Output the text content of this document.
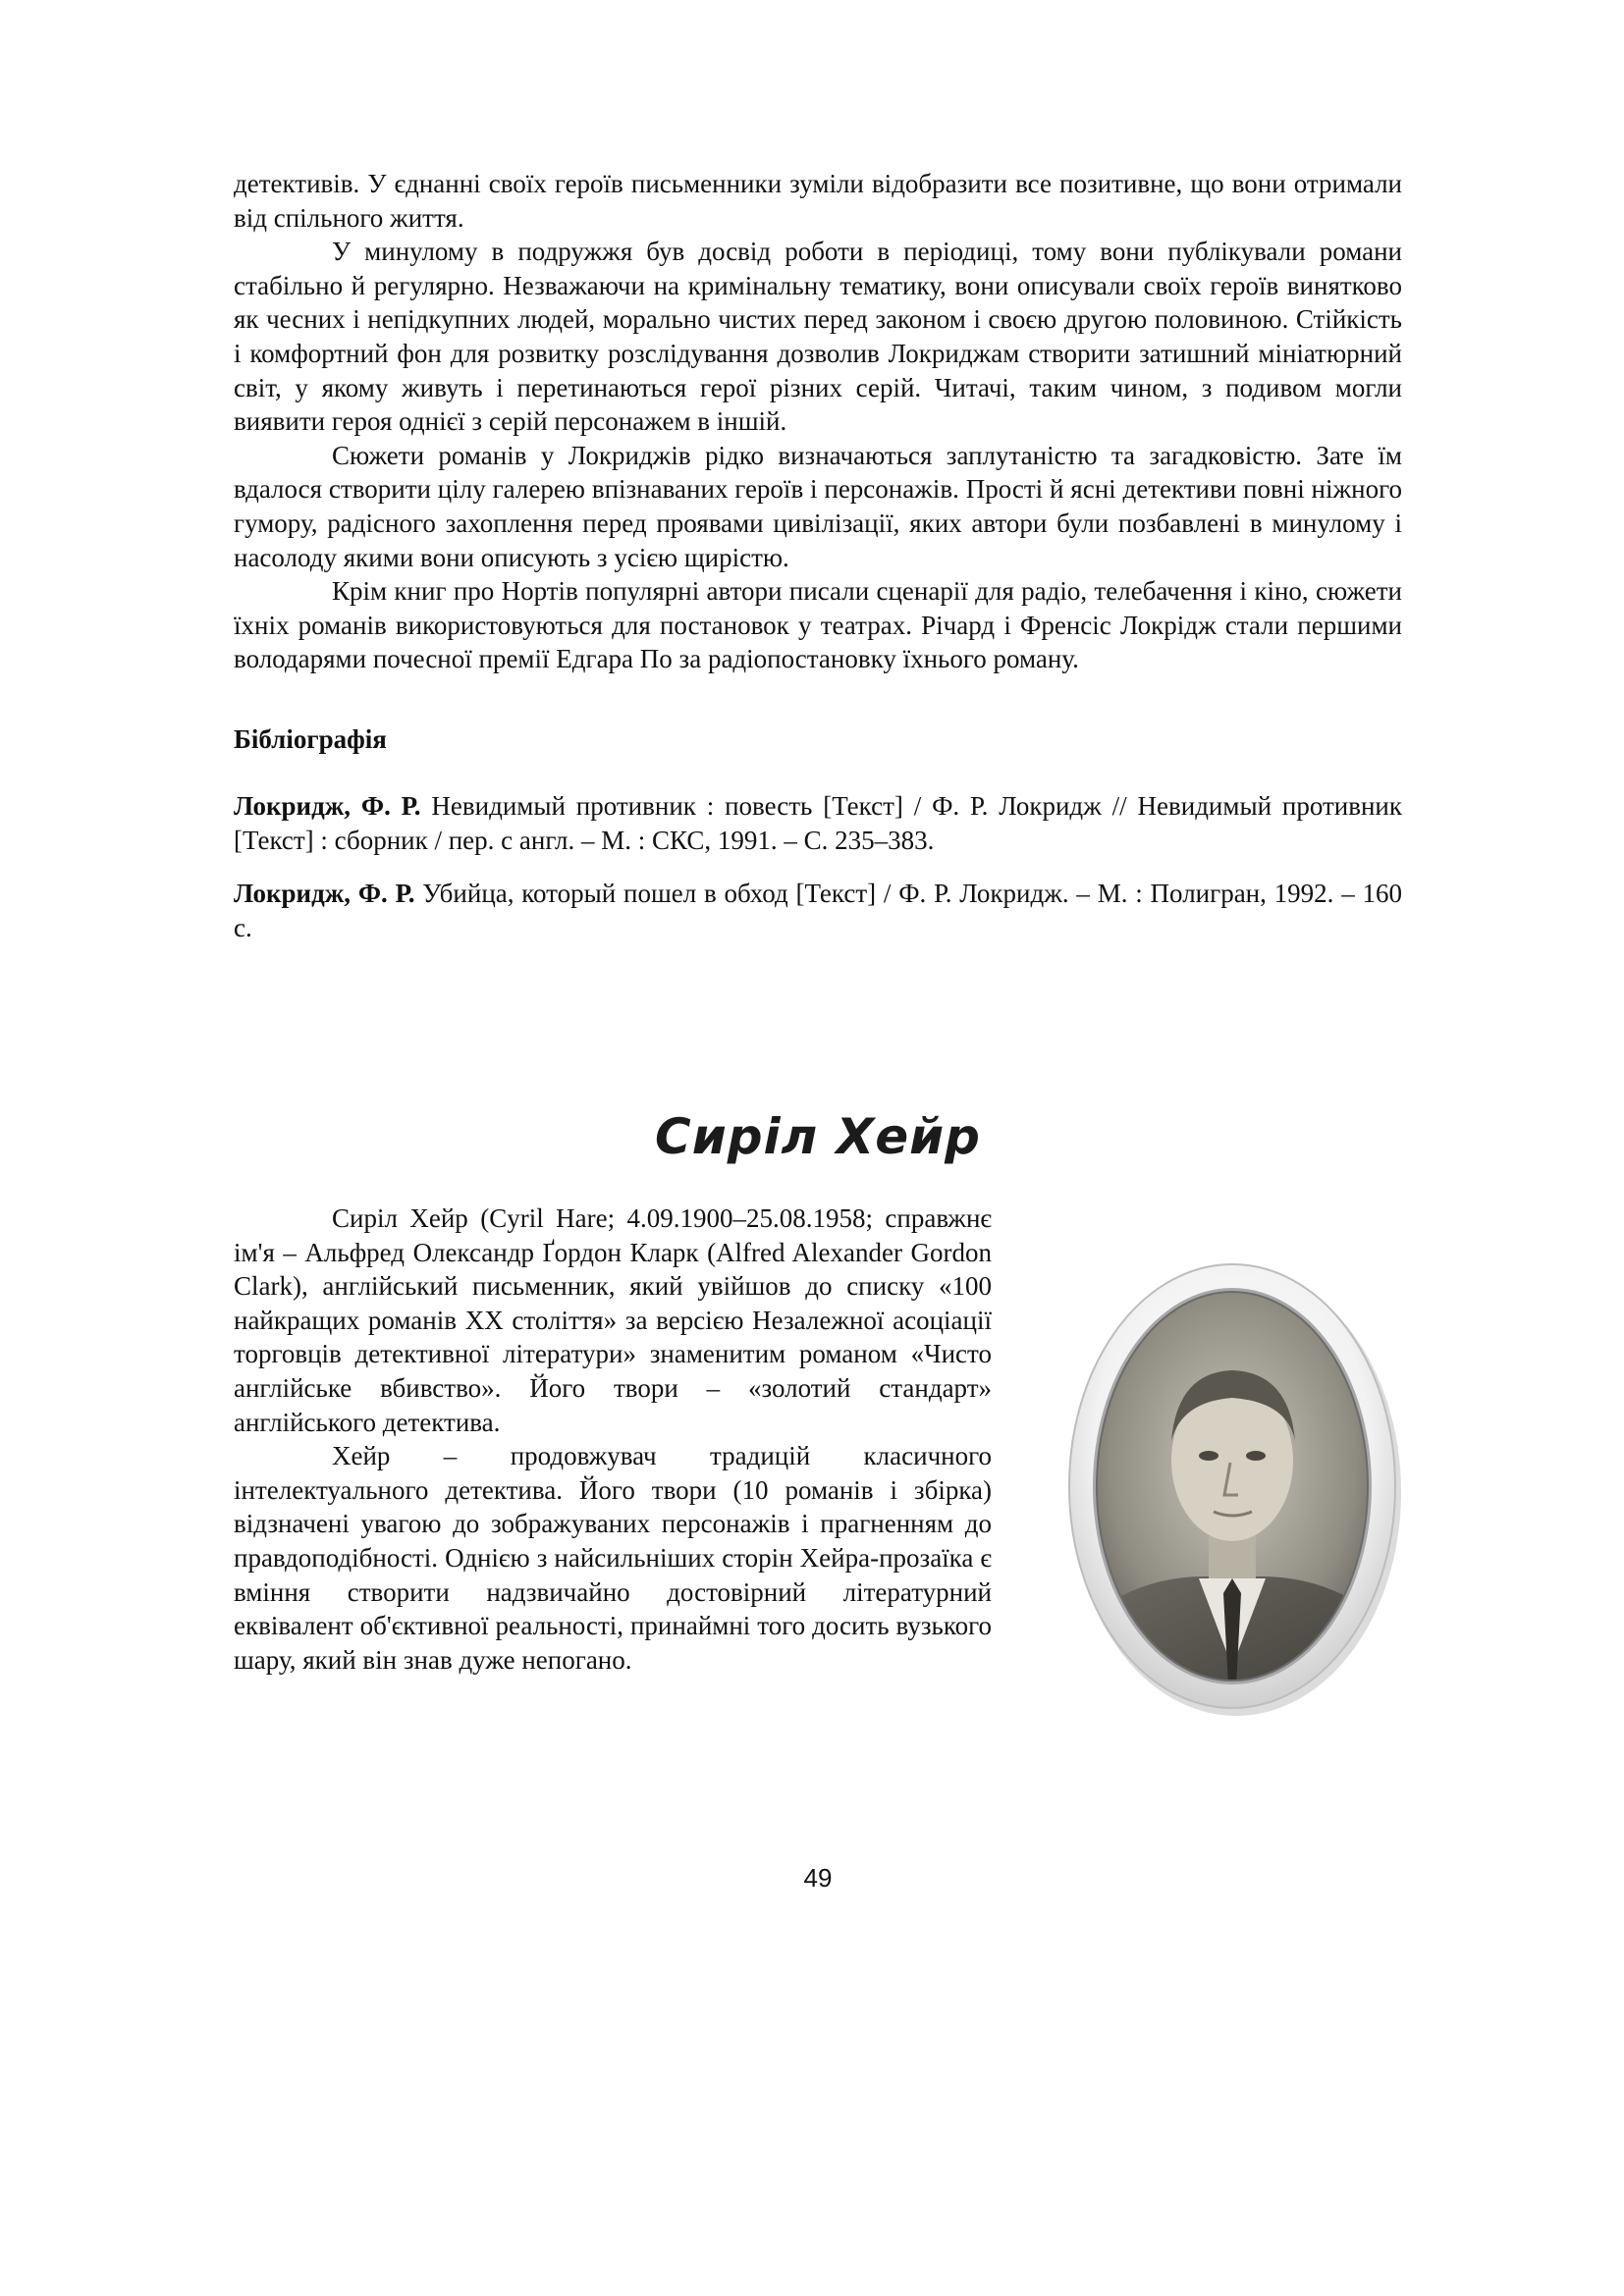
детективів. У єднанні своїх героїв письменники зуміли відобразити все позитивне, що вони отримали від спільного життя.

У минулому в подружжя був досвід роботи в періодиці, тому вони публікували романи стабільно й регулярно. Незважаючи на кримінальну тематику, вони описували своїх героїв винятково як чесних і непідкупних людей, морально чистих перед законом і своєю другою половиною. Стійкість і комфортний фон для розвитку розслідування дозволив Локриджам створити затишний мініатюрний світ, у якому живуть і перетинаються герої різних серій. Читачі, таким чином, з подивом могли виявити героя однієї з серій персонажем в іншій.

Сюжети романів у Локриджів рідко визначаються заплутаністю та загадковістю. Зате їм вдалося створити цілу галерею впізнаваних героїв і персонажів. Прості й ясні детективи повні ніжного гумору, радісного захоплення перед проявами цивілізації, яких автори були позбавлені в минулому і насолоду якими вони описують з усією щирістю.

Крім книг про Нортів популярні автори писали сценарії для радіо, телебачення і кіно, сюжети їхніх романів використовуються для постановок у театрах. Річард і Френсіс Локрідж стали першими володарями почесної премії Едгара По за радіопостановку їхнього роману.

Бібліографія

Локридж, Ф. Р. Невидимый противник : повесть [Текст] / Ф. Р. Локридж // Невидимый противник [Текст] : сборник / пер. с англ. – М. : СКС, 1991. – С. 235–383.

Локридж, Ф. Р. Убийца, который пошел в обход [Текст] / Ф. Р. Локридж. – М. : Полигран, 1992. – 160 с.

Сиріл Хейр

Сиріл Хейр (Cyril Hare; 4.09.1900–25.08.1958; справжнє ім'я – Альфред Олександр Ґордон Кларк (Alfred Alexander Gordon Clark), англійський письменник, який увійшов до списку «100 найкращих романів XX століття» за версією Незалежної асоціації торговців детективної літератури» знаменитим романом «Чисто англійське вбивство». Його твори – «золотий стандарт» англійського детектива.

Хейр – продовжувач традицій класичного інтелектуального детектива. Його твори (10 романів і збірка) відзначені увагою до зображуваних персонажів і прагненням до правдоподібності. Однією з найсильніших сторін Хейра-прозаїка є вміння створити надзвичайно достовірний літературний еквівалент об'єктивної реальності, принаймні того досить вузького шару, який він знав дуже непогано.

49
